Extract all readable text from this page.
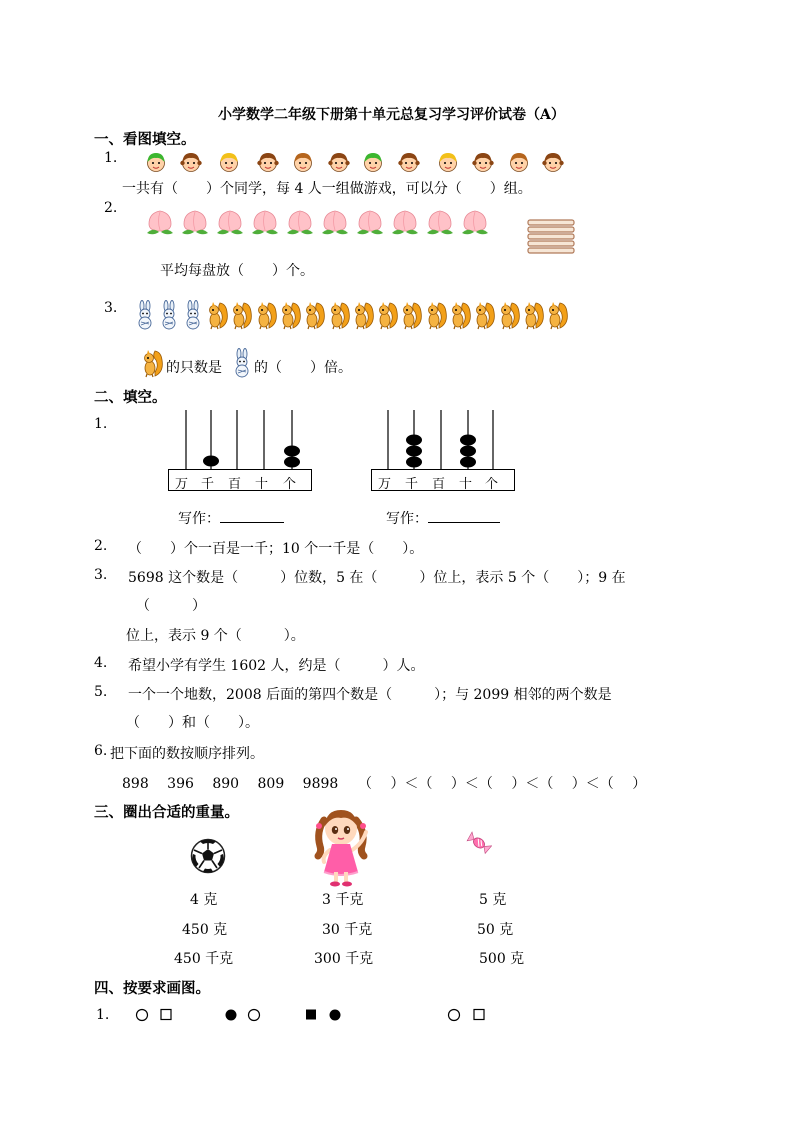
小学数学二年级下册第十单元总复习学习评价试卷（A）
一、看图填空。
1.
一共有（　　）个同学，每 4 人一组做游戏，可以分（　　）组。
2.
平均每盘放（　　）个。
3.
的只数是 的（　　）倍。
二、填空。
1.
万 千 百 十 个	万 千 百 十 个
写作：	写作：
2. （　　）个一百是一千；10 个一千是（　　）。
3. 5698 这个数是（　　　）位数，5 在（　　　）位上，表示 5 个（　　）；9 在
（　　　）
位上，表示 9 个（　　　）。
4. 希望小学有学生 1602 人，约是（　　　）人。
5. 一个一个地数，2008 后面的第四个数是（　　　）；与 2099 相邻的两个数是
（　　）和（　　）。
6. 把下面的数按顺序排列。
898　 396　 890　 809　 9898 （　 ）＜（　 ）＜（　 ）＜（　 ）＜（　 ）
三、圈出合适的重量。
4 克
450 克
450 千克
3 千克
30 千克
300 千克
5 克
50 克
500 克
四、按要求画图。
1.
